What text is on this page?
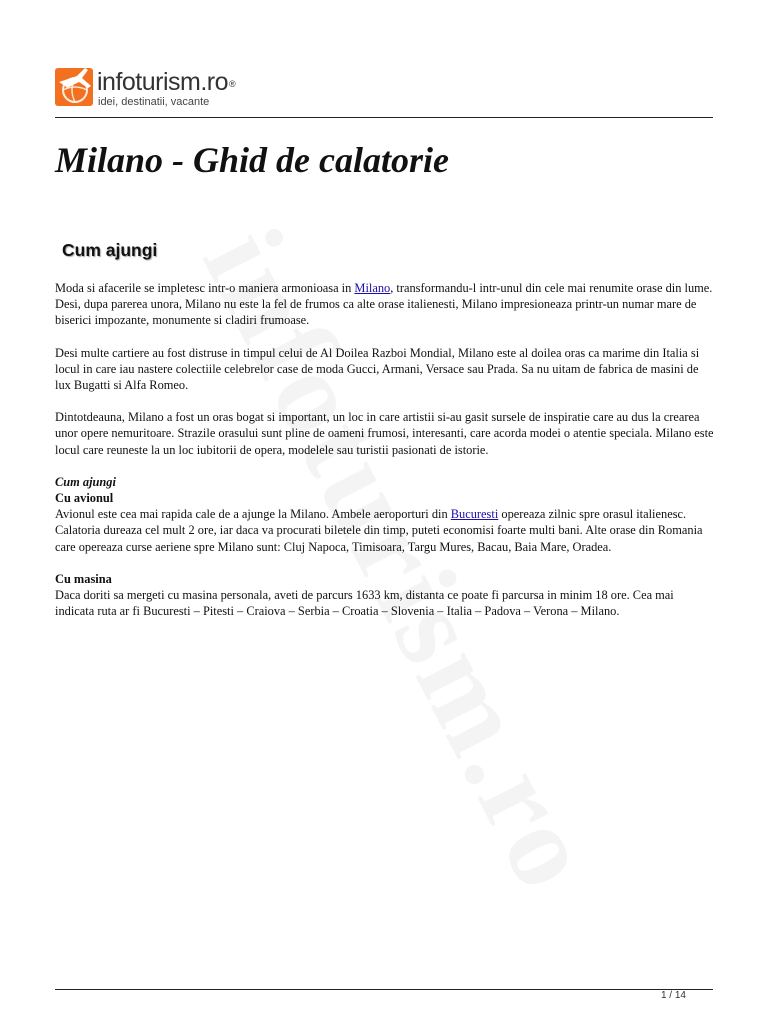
infoturism.ro®
idei, destinatii, vacante
Milano - Ghid de calatorie
Cum ajungi

Moda si afacerile se impletesc intr-o maniera armonioasa in Milano, transformandu-l intr-unul din cele mai renumite orase din lume. Desi, dupa parerea unora, Milano nu este la fel de frumos ca alte orase italienesti, Milano impresioneaza printr-un numar mare de biserici impozante, monumente si cladiri frumoase.

Desi multe cartiere au fost distruse in timpul celui de Al Doilea Razboi Mondial, Milano este al doilea oras ca marime din Italia si locul in care iau nastere colectiile celebrelor case de moda Gucci, Armani, Versace sau Prada. Sa nu uitam de fabrica de masini de lux Bugatti si Alfa Romeo.

Dintotdeauna, Milano a fost un oras bogat si important, un loc in care artistii si-au gasit sursele de inspiratie care au dus la crearea unor opere nemuritoare. Strazile orasului sunt pline de oameni frumosi, interesanti, care acorda modei o atentie speciala. Milano este locul care reuneste la un loc iubitorii de opera, modelele sau turistii pasionati de istorie.

Cum ajungi
Cu avionul
Avionul este cea mai rapida cale de a ajunge la Milano. Ambele aeroporturi din Bucuresti opereaza zilnic spre orasul italienesc. Calatoria dureaza cel mult 2 ore, iar daca va procurati biletele din timp, puteti economisi foarte multi bani. Alte orase din Romania care opereaza curse aeriene spre Milano sunt: Cluj Napoca, Timisoara, Targu Mures, Bacau, Baia Mare, Oradea.
Cu masina
Daca doriti sa mergeti cu masina personala, aveti de parcurs 1633 km, distanta ce poate fi parcursa in minim 18 ore. Cea mai indicata ruta ar fi Bucuresti – Pitesti – Craiova – Serbia – Croatia – Slovenia – Italia – Padova – Verona – Milano.
1 / 14
